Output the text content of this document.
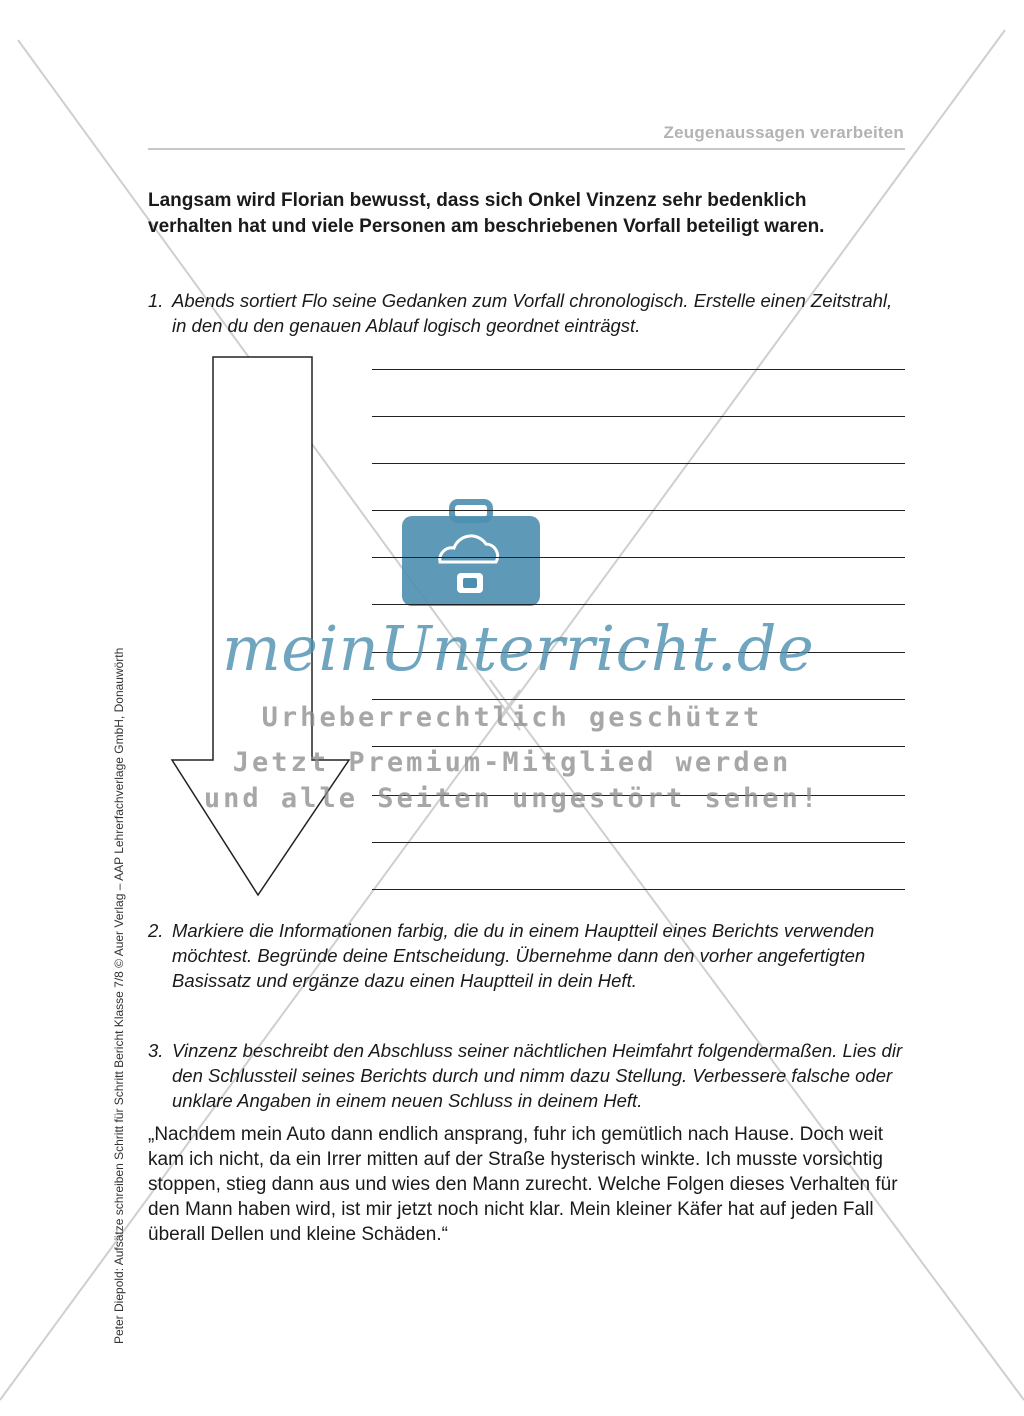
Zeugenaussagen verarbeiten
Langsam wird Florian bewusst, dass sich Onkel Vinzenz sehr bedenklich verhalten hat und viele Personen am beschriebenen Vorfall beteiligt waren.
1. Abends sortiert Flo seine Gedanken zum Vorfall chronologisch. Erstelle einen Zeitstrahl, in den du den genauen Ablauf logisch geordnet einträgst.
2. Markiere die Informationen farbig, die du in einem Hauptteil eines Berichts verwenden möchtest. Begründe deine Entscheidung. Übernehme dann den vorher angefertigten Basissatz und ergänze dazu einen Hauptteil in dein Heft.
3. Vinzenz beschreibt den Abschluss seiner nächtlichen Heimfahrt folgendermaßen. Lies dir den Schlussteil seines Berichts durch und nimm dazu Stellung. Verbessere falsche oder unklare Angaben in einem neuen Schluss in deinem Heft.
„Nachdem mein Auto dann endlich ansprang, fuhr ich gemütlich nach Hause. Doch weit kam ich nicht, da ein Irrer mitten auf der Straße hysterisch winkte. Ich musste vorsichtig stoppen, stieg dann aus und wies den Mann zurecht. Welche Folgen dieses Verhalten für den Mann haben wird, ist mir jetzt noch nicht klar. Mein kleiner Käfer hat auf jeden Fall überall Dellen und kleine Schäden.“
Peter Diepold: Aufsätze schreiben Schritt für Schritt Bericht Klasse 7/8 © Auer Verlag – AAP Lehrerfachverlage GmbH, Donauwörth meinUnterricht.de
Urheberrechtlich geschützt
Jetzt Premium-Mitglied werden
und alle Seiten ungestört sehen!
